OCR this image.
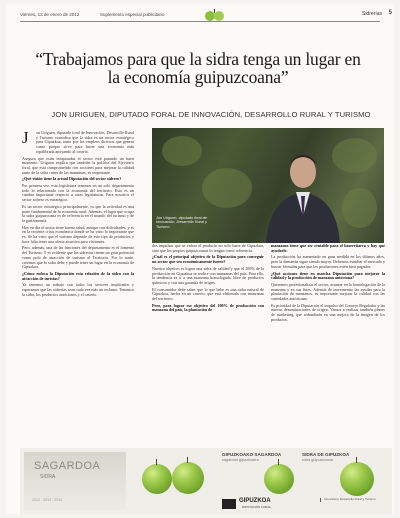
Viernes, 13 de enero de 2012	Suplemento especial publicitario	Sidrerías 5
“Trabajamos para que la sidra tenga un lugar en la economía guipuzcoana”
JON URIGUEN, DIPUTADO FORAL DE INNOVACIÓN, DESARROLLO RURAL Y TURISMO

J on Uriguen, diputado foral de Innovación, Desarrollo Rural y Turismo considera que la sidra es un sector estratégico para Gipuzkoa, tanto por los empleos directos que genera como porque sirve para hacer una economía más equilibrada apoyando al caserío.

Asegura que estas temporadas el sector está pasando un buen momento. Uriguen explica que también la política del Ejecutivo foral, que está comprometido con acciones para mejorar la calidad tanto de la sidra como de las manzanas, es importante.

¿Qué visión tiene la actual Diputación del sector sidrero?

Por primera vez, esta legislatura tenemos en un solo departamento todo lo relacionado con la economía del territorio. Esto es un cambio importante respecto a otras legislaturas. Para nosotros el sector sidrero es estratégico.

Es un sector estratégico principalmente, ya que la actividad es una parte fundamental de la economía rural. Además, el lugar que ocupa la sidra guipuzcoana es de referencia en el mundo del turismo y de la gastronomía.

Hoy en día el sector tiene buena salud, aunque con dificultades, y es en la reciente crisis económica donde se ha visto lo importante que es. Se ha visto que el turismo depende de este tipo de productos y hace falta tener una oferta atractiva para visitantes.

Pero, además, una de las funciones del departamento es el fomento del Turismo. Y es evidente que las sidrerías tienen un gran potencial como polo de atracción de turismo al Territorio. Por lo tanto, creemos que la sidra debe y puede tener un lugar en la economía de Gipuzkoa.

¿Cómo enfoca la Diputación esta relación de la sidra con la atracción de turistas?

Ya tenemos un trabajo con todos los sectores implicados y esperamos que las sidrerías sean cada vez más un reclamo. Tenemos la sidra, los productos autóctonos y el caserío.

Jon Uriguen, diputado foral de Innovación, Desarrollo Rural y Turismo.

dos impulsar que se valore el producto no solo fuera de Gipuzkoa, sino que los propios guipuzcoanos lo tengan como referencia.

¿Cuál es el principal objetivo de la Diputación para conseguir un sector que sea económicamente fuerte?

Nuestro objetivo es lograr una sidra de calidad y que el 100% de la producción en Gipuzkoa se realice con manzanas del país. Para ello, la tendencia es ir a una manzana homologada, libre de productos químicos y con una garantía de origen.

El consumidor debe saber que lo que bebe es una sidra natural de Gipuzkoa, hecha en un caserío, que está elaborada con manzanas del territorio.

Pero, para lograr ese objetivo del 100% de producción con manzana del país, la plantación de

manzanos tiene que ser rentable para el baserritarra y hay que ayudarle.

La producción ha aumentado en gran medida en los últimos años, pero la demanda sigue siendo mayor. Debemos estudiar el mercado y buscar fórmulas para que los productores estén bien pagados.

¿Qué acciones tiene en marcha Diputación para mejorar la calidad y la producción de manzana autóctona?

Queremos profesionalizar el sector, avanzar en la homologación de la manzana y en sus fines. Además de incrementar las ayudas para la plantación de manzanos, es importante mejorar la calidad con las variedades autóctonas.

Es prioridad de la Diputación el impulso del Consejo Regulador y las nuevas denominaciones de origen. Vamos a realizar también planes de marketing, que redundarán en una mejora de la imagen de los productos.

SAGARDOA
SIDRA
2012 · 2013 · 2014
GIPUZKOAKO SAGARDOA
sagardoa gipuzkoarra
SIDRA DE GIPUZKOA
sidra guipuzcoana
GIPUZKOA
DIPUTACIÓN FORAL
Innovación, Desarrollo Rural y Turismo
